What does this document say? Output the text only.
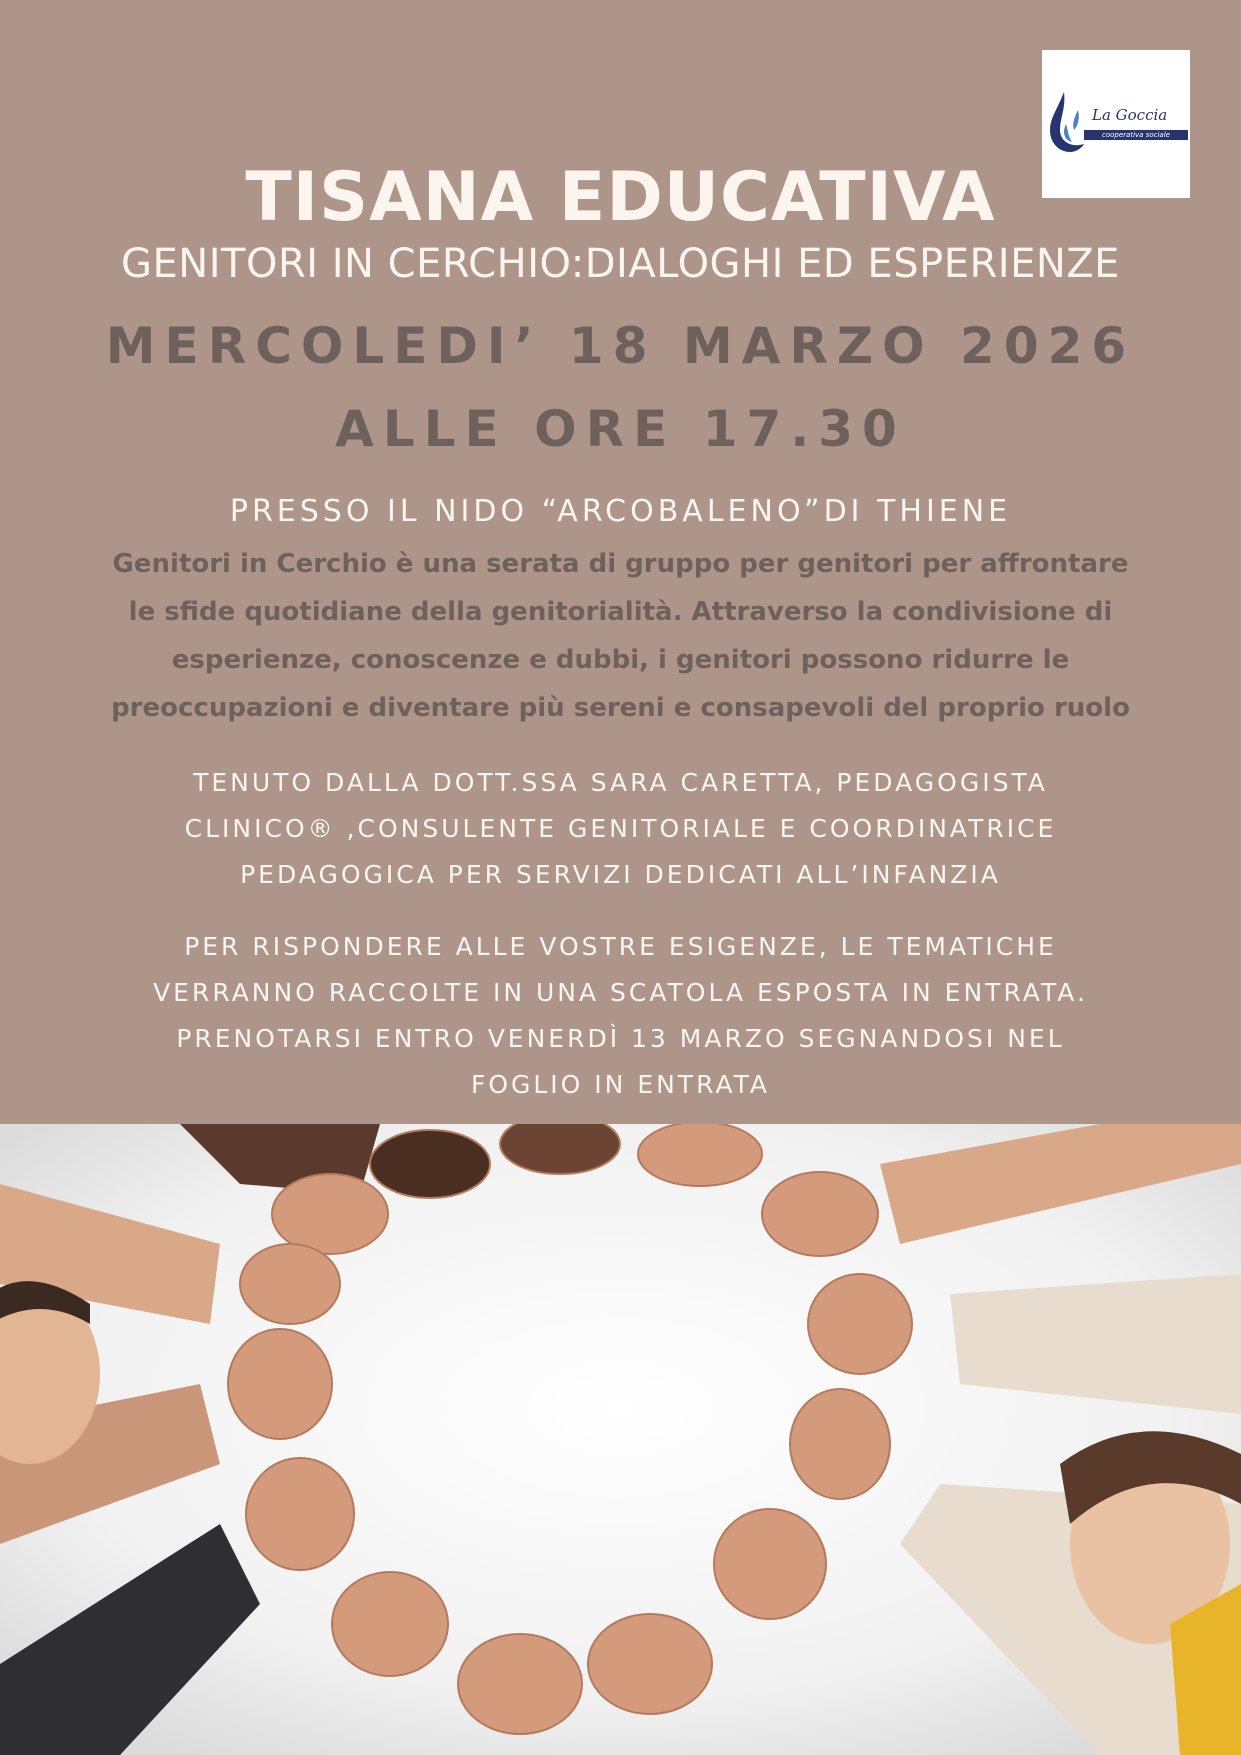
La Goccia
cooperativa sociale
TISANA EDUCATIVA
GENITORI IN CERCHIO:DIALOGHI ED ESPERIENZE
MERCOLEDI’ 18 MARZO 2026
ALLE ORE 17.30
PRESSO IL NIDO “ARCOBALENO”DI THIENE
Genitori in Cerchio è una serata di gruppo per genitori per affrontare
le sfide quotidiane della genitorialità. Attraverso la condivisione di
esperienze, conoscenze e dubbi, i genitori possono ridurre le
preoccupazioni e diventare più sereni e consapevoli del proprio ruolo
TENUTO DALLA DOTT.SSA SARA CARETTA, PEDAGOGISTA
CLINICO® ,CONSULENTE GENITORIALE E COORDINATRICE
PEDAGOGICA PER SERVIZI DEDICATI ALL’INFANZIA
PER RISPONDERE ALLE VOSTRE ESIGENZE, LE TEMATICHE
VERRANNO RACCOLTE IN UNA SCATOLA ESPOSTA IN ENTRATA.
PRENOTARSI ENTRO VENERDÌ 13 MARZO SEGNANDOSI NEL
FOGLIO IN ENTRATA
